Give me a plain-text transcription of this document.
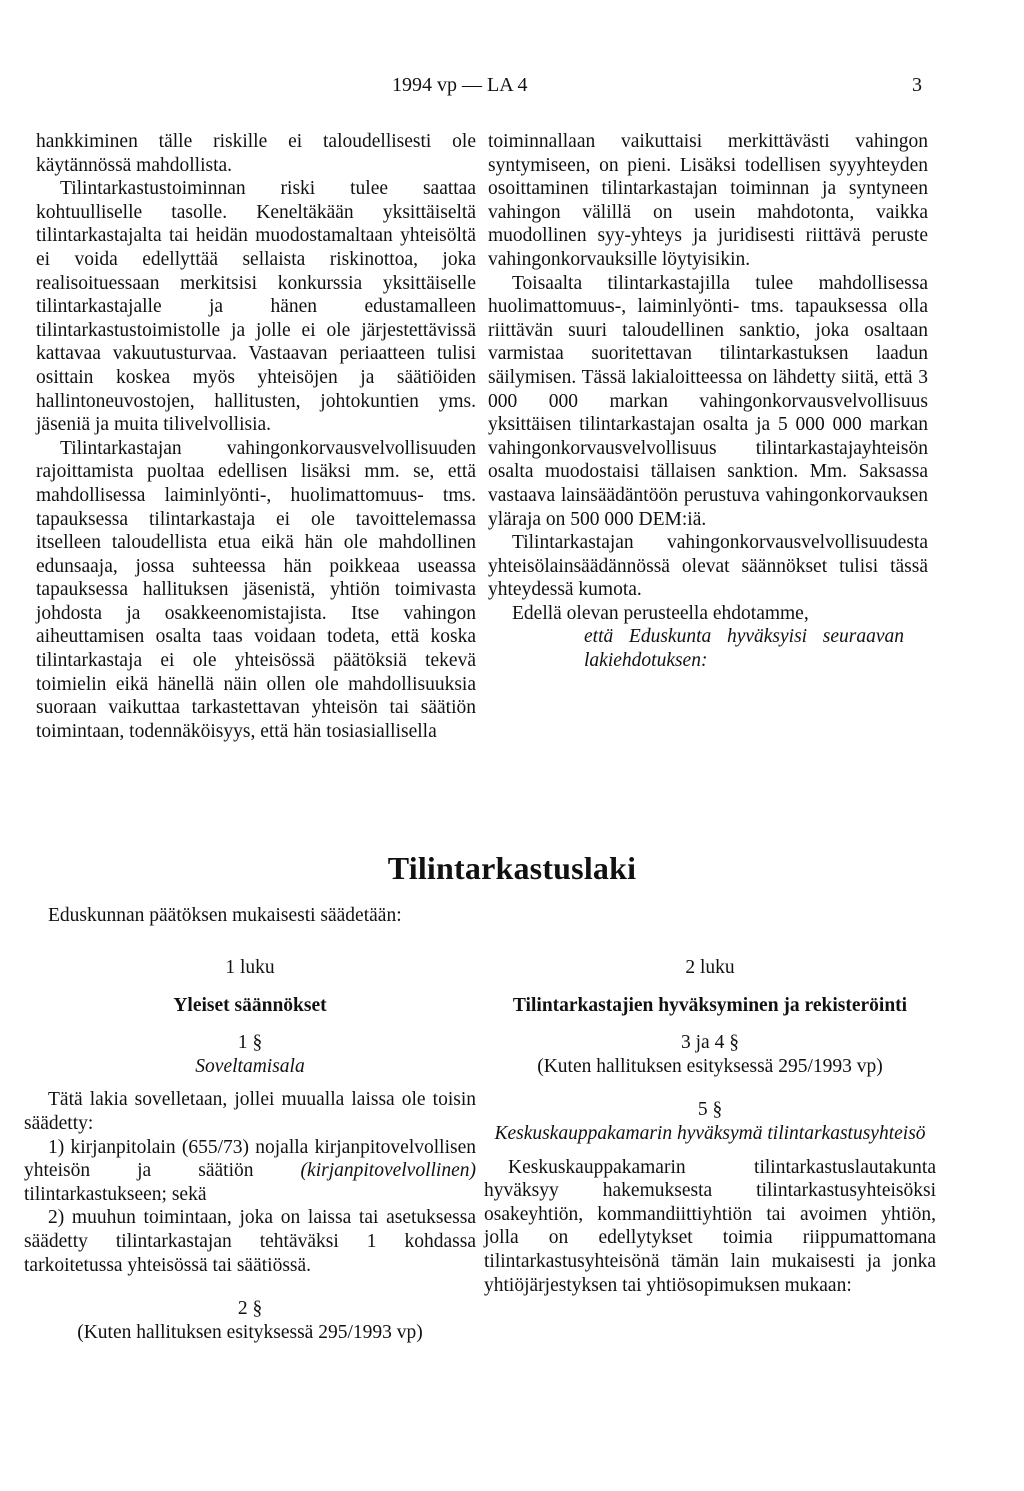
1994 vp — LA 4	3

hankkiminen tälle riskille ei taloudellisesti ole käytännössä mahdollista.

Tilintarkastustoiminnan riski tulee saattaa kohtuulliselle tasolle. Keneltäkään yksittäiseltä tilintarkastajalta tai heidän muodostamaltaan yhteisöltä ei voida edellyttää sellaista riskinottoa, joka realisoituessaan merkitsisi konkurssia yksittäiselle tilintarkastajalle ja hänen edustamalleen tilintarkastustoimistolle ja jolle ei ole järjestettävissä kattavaa vakuutusturvaa. Vastaavan periaatteen tulisi osittain koskea myös yhteisöjen ja säätiöiden hallintoneuvostojen, hallitusten, johtokuntien yms. jäseniä ja muita tilivelvollisia.

Tilintarkastajan vahingonkorvausvelvollisuuden rajoittamista puoltaa edellisen lisäksi mm. se, että mahdollisessa laiminlyönti-, huolimattomuus- tms. tapauksessa tilintarkastaja ei ole tavoittelemassa itselleen taloudellista etua eikä hän ole mahdollinen edunsaaja, jossa suhteessa hän poikkeaa useassa tapauksessa hallituksen jäsenistä, yhtiön toimivasta johdosta ja osakkeenomistajista. Itse vahingon aiheuttamisen osalta taas voidaan todeta, että koska tilintarkastaja ei ole yhteisössä päätöksiä tekevä toimielin eikä hänellä näin ollen ole mahdollisuuksia suoraan vaikuttaa tarkastettavan yhteisön tai säätiön toimintaan, todennäköisyys, että hän tosiasiallisella

toiminnallaan vaikuttaisi merkittävästi vahingon syntymiseen, on pieni. Lisäksi todellisen syyyhteyden osoittaminen tilintarkastajan toiminnan ja syntyneen vahingon välillä on usein mahdotonta, vaikka muodollinen syy-yhteys ja juridisesti riittävä peruste vahingonkorvauksille löytyisikin.

Toisaalta tilintarkastajilla tulee mahdollisessa huolimattomuus-, laiminlyönti- tms. tapauksessa olla riittävän suuri taloudellinen sanktio, joka osaltaan varmistaa suoritettavan tilintarkastuksen laadun säilymisen. Tässä lakialoitteessa on lähdetty siitä, että 3 000 000 markan vahingonkorvausvelvollisuus yksittäisen tilintarkastajan osalta ja 5 000 000 markan vahingonkorvausvelvollisuus tilintarkastajayhteisön osalta muodostaisi tällaisen sanktion. Mm. Saksassa vastaava lainsäädäntöön perustuva vahingonkorvauksen yläraja on 500 000 DEM:iä.

Tilintarkastajan vahingonkorvausvelvollisuudesta yhteisölainsäädännössä olevat säännökset tulisi tässä yhteydessä kumota.

Edellä olevan perusteella ehdotamme,

että Eduskunta hyväksyisi seuraavan lakiehdotuksen:

Tilintarkastuslaki
Eduskunnan päätöksen mukaisesti säädetään:
1 luku
Yleiset säännökset
1 §
Soveltamisala

Tätä lakia sovelletaan, jollei muualla laissa ole toisin säädetty:

1) kirjanpitolain (655/73) nojalla kirjanpitovelvollisen yhteisön ja säätiön (kirjanpitovelvollinen) tilintarkastukseen; sekä

2) muuhun toimintaan, joka on laissa tai asetuksessa säädetty tilintarkastajan tehtäväksi 1 kohdassa tarkoitetussa yhteisössä tai säätiössä.

2 §
(Kuten hallituksen esityksessä 295/1993 vp)
2 luku
Tilintarkastajien hyväksyminen ja rekisteröinti
3 ja 4 §
(Kuten hallituksen esityksessä 295/1993 vp)
5 §
Keskuskauppakamarin hyväksymä tilintarkastusyhteisö

Keskuskauppakamarin tilintarkastuslautakunta hyväksyy hakemuksesta tilintarkastusyhteisöksi osakeyhtiön, kommandiittiyhtiön tai avoimen yhtiön, jolla on edellytykset toimia riippumattomana tilintarkastusyhteisönä tämän lain mukaisesti ja jonka yhtiöjärjestyksen tai yhtiösopimuksen mukaan:
